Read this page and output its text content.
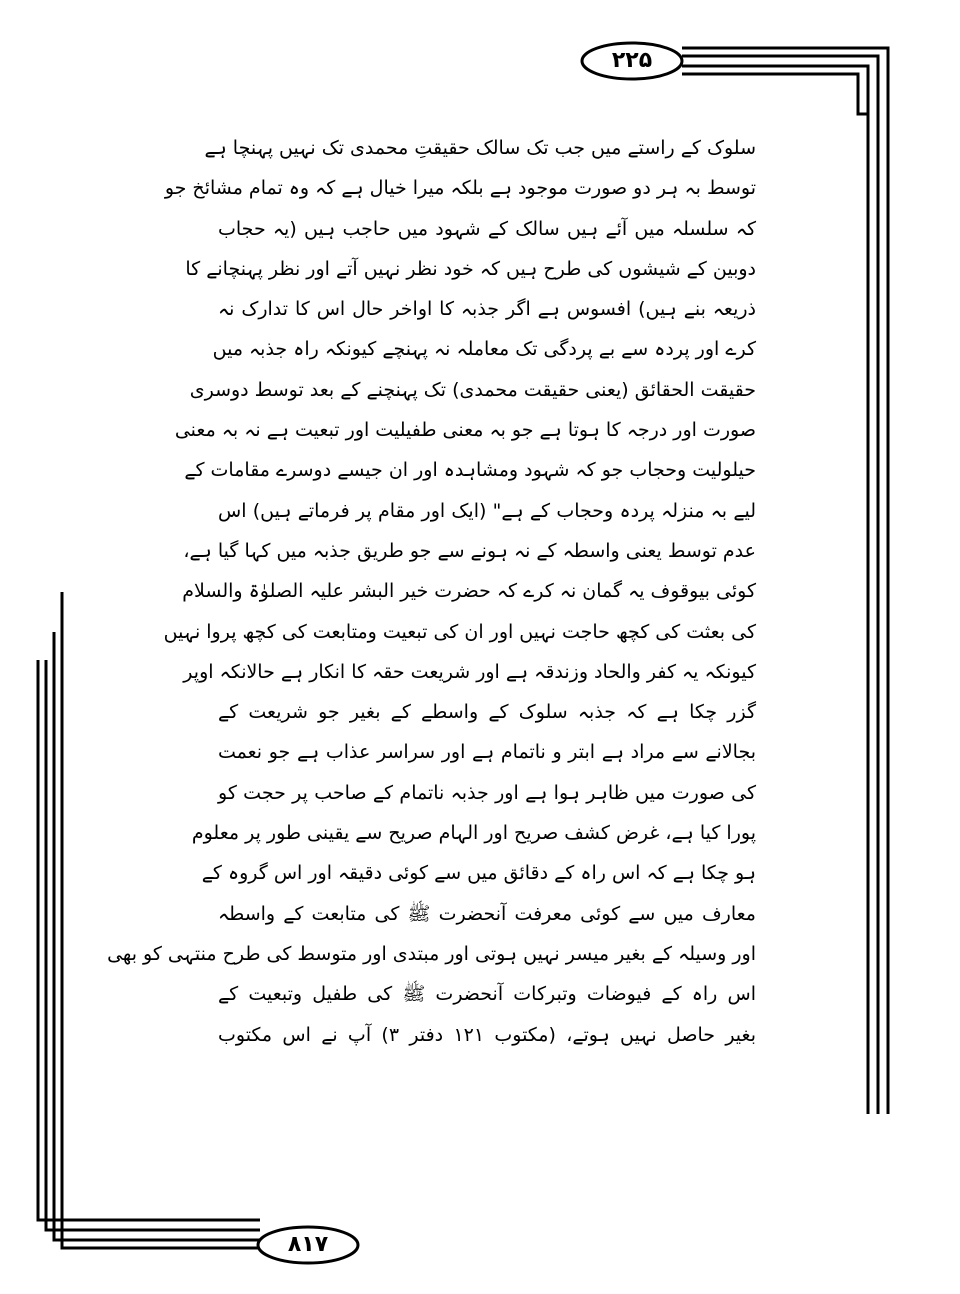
۲۲۵
۸۱۷
سلوک کے راستے میں جب تک سالک حقیقتِ محمدی تک نہیں پہنچا ہے
توسط بہ ہر دو صورت موجود ہے بلکہ میرا خیال ہے کہ وہ تمام مشائخ جو
کہ سلسلہ میں آئے ہیں سالک کے شہود میں حاجب ہیں (یہ حجاب
دوبین کے شیشوں کی طرح ہیں کہ خود نظر نہیں آتے اور نظر پہنچانے کا
ذریعہ بنے ہیں) افسوس ہے اگر جذبہ کا اواخر حال اس کا تدارک نہ
کرے اور پردہ سے بے پردگی تک معاملہ نہ پہنچے کیونکہ راہ جذبہ میں
حقیقت الحقائق (یعنی حقیقت محمدی) تک پہنچنے کے بعد توسط دوسری
صورت اور درجہ کا ہوتا ہے جو بہ معنی طفیلیت اور تبعیت ہے نہ بہ معنی
حیلولیت وحجاب جو کہ شہود ومشاہدہ اور ان جیسے دوسرے مقامات کے
لیے بہ منزلہ پردہ وحجاب کے ہے" (ایک اور مقام پر فرماتے ہیں) اس
عدم توسط یعنی واسطہ کے نہ ہونے سے جو طریق جذبہ میں کہا گیا ہے،
کوئی بیوقوف یہ گمان نہ کرے کہ حضرت خیر البشر علیہ الصلوٰۃ والسلام
کی بعثت کی کچھ حاجت نہیں اور ان کی تبعیت ومتابعت کی کچھ پروا نہیں
کیونکہ یہ کفر والحاد وزندقہ ہے اور شریعت حقہ کا انکار ہے حالانکہ اوپر
گزر چکا ہے کہ جذبہ سلوک کے واسطے کے بغیر جو شریعت کے
بجالانے سے مراد ہے ابتر و ناتمام ہے اور سراسر عذاب ہے جو نعمت
کی صورت میں ظاہر ہوا ہے اور جذبہ ناتمام کے صاحب پر حجت کو
پورا کیا ہے، غرض کشف صریح اور الہام صریح سے یقینی طور پر معلوم
ہو چکا ہے کہ اس راہ کے دقائق میں سے کوئی دقیقہ اور اس گروہ کے
معارف میں سے کوئی معرفت آنحضرت ﷺ کی متابعت کے واسطہ
اور وسیلہ کے بغیر میسر نہیں ہوتی اور مبتدی اور متوسط کی طرح منتہی کو بھی
اس راہ کے فیوضات وتبرکات آنحضرت ﷺ کی طفیل وتبعیت کے
بغیر حاصل نہیں ہوتے، (مکتوب ۱۲۱ دفتر ۳) آپ نے اس مکتوب
